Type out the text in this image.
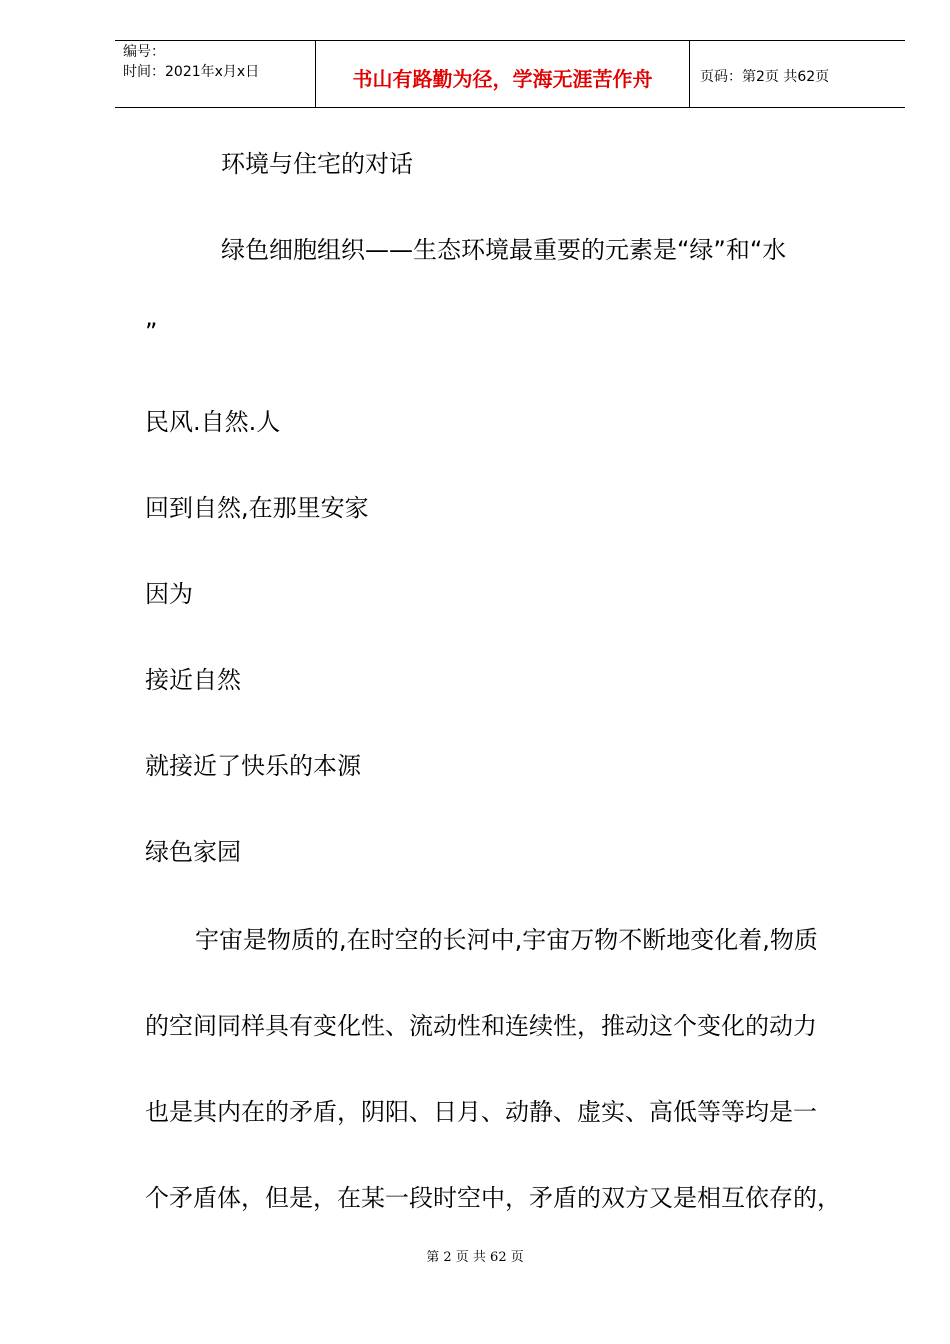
编号：
时间：2021年x月x日	书山有路勤为径，学海无涯苦作舟	页码：第2页 共62页
环境与住宅的对话
绿色细胞组织——生态环境最重要的元素是“绿”和“水
”
民风.自然.人
回到自然,在那里安家
因为
接近自然
就接近了快乐的本源
绿色家园
宇宙是物质的,在时空的长河中,宇宙万物不断地变化着,物质
的空间同样具有变化性、流动性和连续性，推动这个变化的动力
也是其内在的矛盾，阴阳、日月、动静、虚实、高低等等均是一
个矛盾体，但是，在某一段时空中，矛盾的双方又是相互依存的，
第 2 页 共 62 页
